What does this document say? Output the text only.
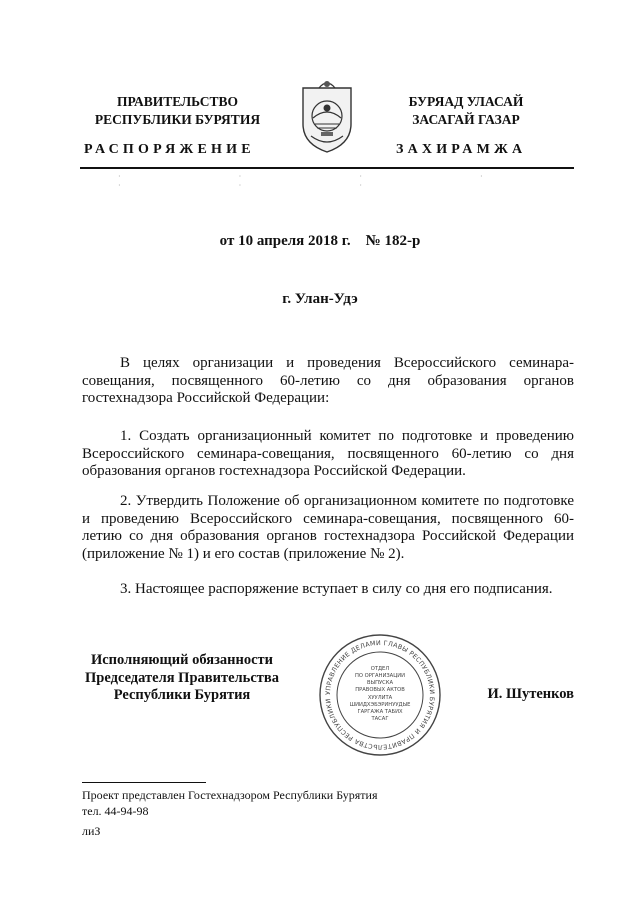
ПРАВИТЕЛЬСТВО
РЕСПУБЛИКИ БУРЯТИЯ
БУРЯАД УЛАСАЙ
ЗАСАГАЙ ГАЗАР
РАСПОРЯЖЕНИЕ	ЗАХИРАМЖА
· · · · · · ·
от 10 апреля 2018 г.    № 182-р
г. Улан-Удэ
В целях организации и проведения Всероссийского семинара-совещания, посвященного 60-летию со дня образования органов гостехнадзора Российской Федерации:
1. Создать организационный комитет по подготовке и проведению Всероссийского семинара-совещания, посвященного 60-летию со дня образования органов гостехнадзора Российской Федерации.
2. Утвердить Положение об организационном комитете по подготовке и проведению Всероссийского семинара-совещания, посвященного 60-летию со дня образования органов гостехнадзора Российской Федерации (приложение № 1) и его состав (приложение № 2).
3. Настоящее распоряжение вступает в силу со дня его подписания.
Исполняющий обязанности
Председателя Правительства
Республики Бурятия	УПРАВЛЕНИЕ ДЕЛАМИ ГЛАВЫ РЕСПУБЛИКИ БУРЯТИЯ И ПРАВИТЕЛЬСТВА РЕСПУБЛИКИ
ОТДЕЛ
ПО ОРГАНИЗАЦИИ
ВЫПУСКА
ПРАВОВЫХ АКТОВ
ХУУЛИТА
ШИИДХЭБЭРИНУУДЫЕ
ГАРГАЖА ТАБИХ
ТАСАГ
И. Шутенков
Проект представлен Гостехнадзором Республики Бурятия
тел. 44-94-98
лиЗ
